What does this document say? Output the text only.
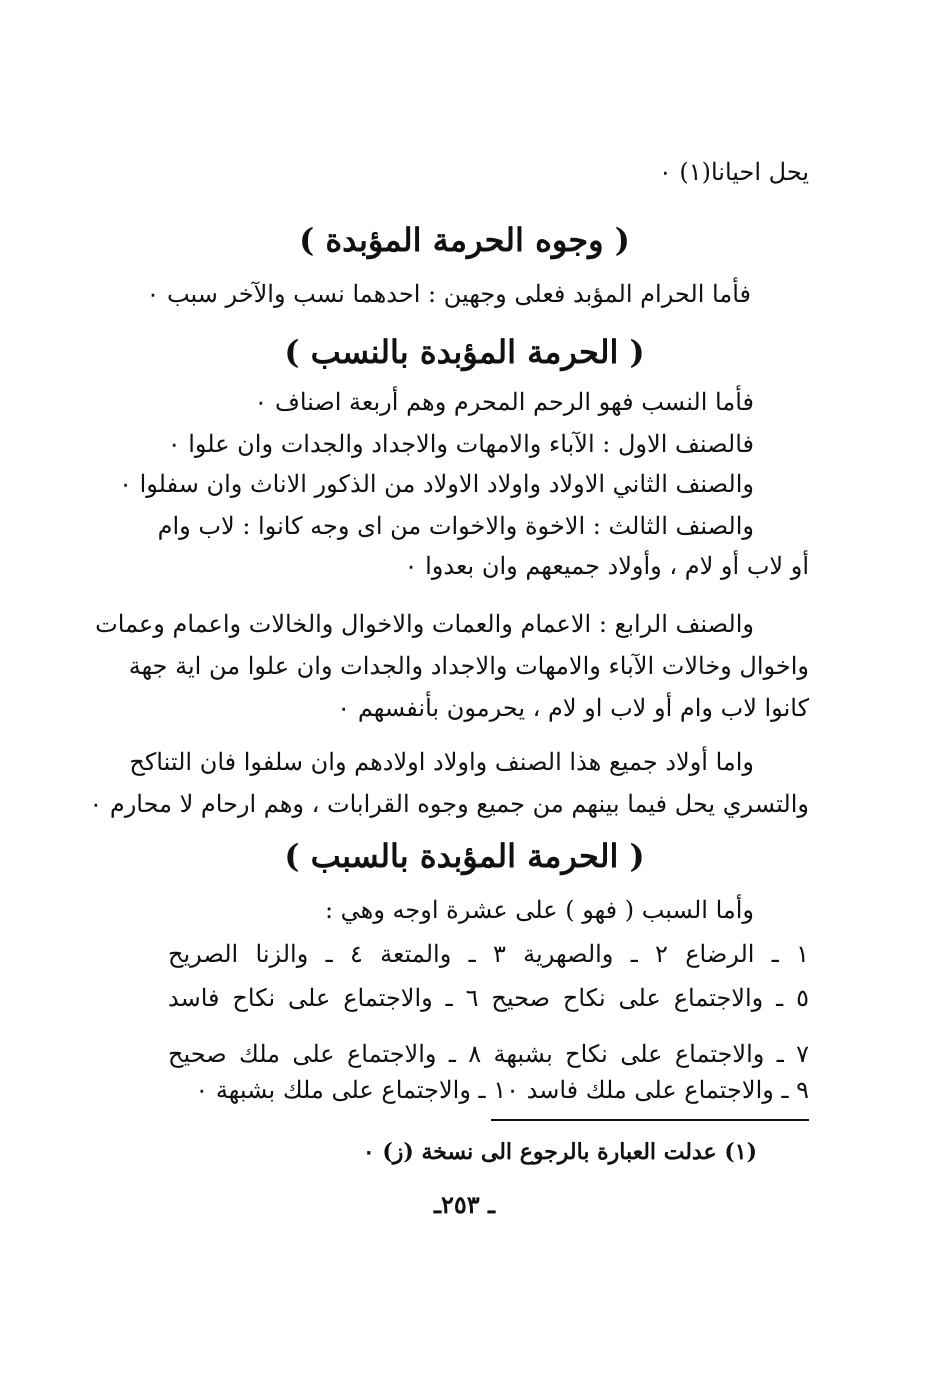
يحل احيانا(١) ٠
( وجوه الحرمة المؤبدة )
فأما الحرام المؤبد فعلى وجهين : احدهما نسب والآخر سبب ٠
( الحرمة المؤبدة بالنسب )
فأما النسب فهو الرحم المحرم وهم أربعة اصناف ٠
فالصنف الاول : الآباء والامهات والاجداد والجدات وان علوا ٠
والصنف الثاني الاولاد واولاد الاولاد من الذكور الاناث وان سفلوا ٠
والصنف الثالث : الاخوة والاخوات من اى وجه كانوا : لاب وام
أو لاب أو لام ، وأولاد جميعهم وان بعدوا ٠
والصنف الرابع : الاعمام والعمات والاخوال والخالات واعمام وعمات
واخوال وخالات الآباء والامهات والاجداد والجدات وان علوا من اية جهة
كانوا لاب وام أو لاب او لام ، يحرمون بأنفسهم ٠
واما أولاد جميع هذا الصنف واولاد اولادهم وان سلفوا فان التناكح
والتسري يحل فيما بينهم من جميع وجوه القرابات ، وهم ارحام لا محارم ٠
( الحرمة المؤبدة بالسبب )
وأما السبب ( فهو ) على عشرة اوجه وهي :
١ ـ الرضاع ٢ ـ والصهرية ٣ ـ والمتعة ٤ ـ والزنا الصريح
٥ ـ والاجتماع على نكاح صحيح ٦ ـ والاجتماع على نكاح فاسد
٧ ـ والاجتماع على نكاح بشبهة ٨ ـ والاجتماع على ملك صحيح
٩ ـ والاجتماع على ملك فاسد ١٠ ـ والاجتماع على ملك بشبهة ٠
(١) عدلت العبارة بالرجوع الى نسخة (ز) ٠
ـ ٢٥٣ـ
